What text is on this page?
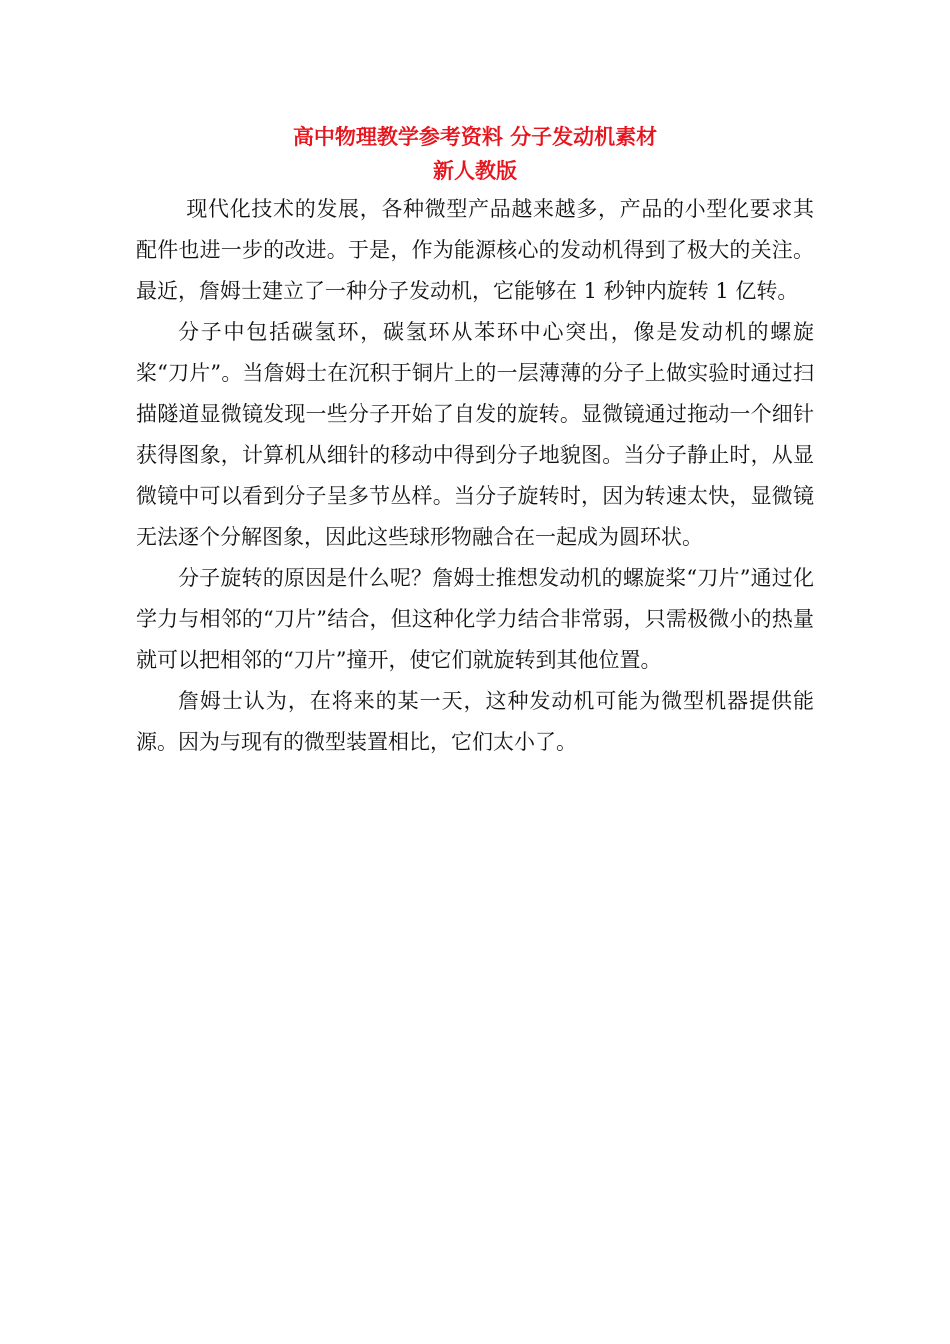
高中物理教学参考资料 分子发动机素材
新人教版

现代化技术的发展，各种微型产品越来越多，产品的小型化要求其配件也进一步的改进。于是，作为能源核心的发动机得到了极大的关注。最近，詹姆士建立了一种分子发动机，它能够在 1 秒钟内旋转 1 亿转。

分子中包括碳氢环，碳氢环从苯环中心突出，像是发动机的螺旋桨“刀片”。当詹姆士在沉积于铜片上的一层薄薄的分子上做实验时通过扫描隧道显微镜发现一些分子开始了自发的旋转。显微镜通过拖动一个细针获得图象，计算机从细针的移动中得到分子地貌图。当分子静止时，从显微镜中可以看到分子呈多节丛样。当分子旋转时，因为转速太快，显微镜无法逐个分解图象，因此这些球形物融合在一起成为圆环状。

分子旋转的原因是什么呢？詹姆士推想发动机的螺旋桨“刀片”通过化学力与相邻的“刀片”结合，但这种化学力结合非常弱，只需极微小的热量就可以把相邻的“刀片”撞开，使它们就旋转到其他位置。

詹姆士认为，在将来的某一天，这种发动机可能为微型机器提供能源。因为与现有的微型装置相比，它们太小了。
